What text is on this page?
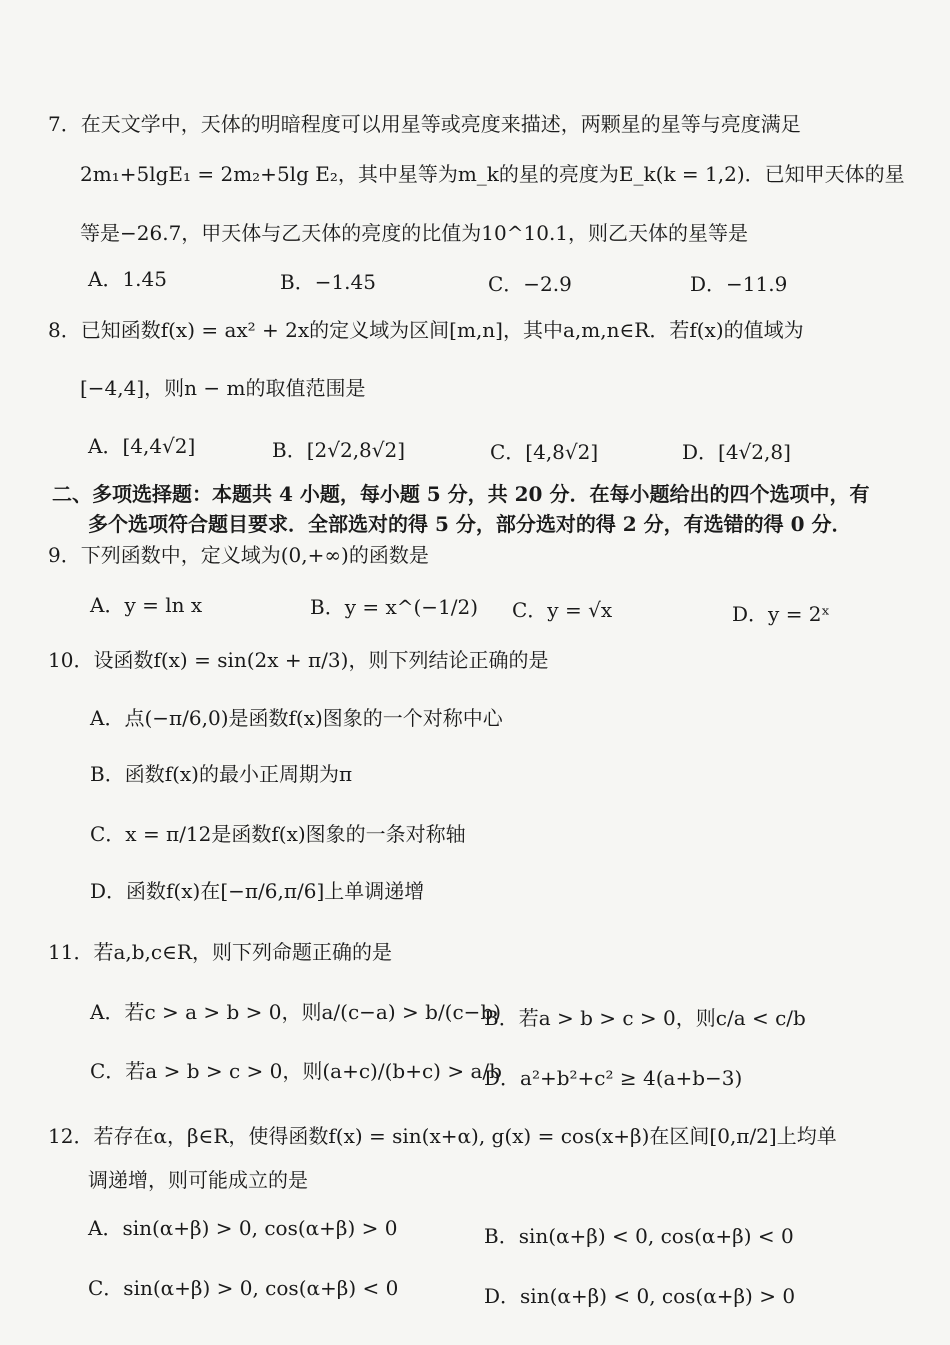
7．在天文学中，天体的明暗程度可以用星等或亮度来描述，两颗星的星等与亮度满足
2m₁+5lgE₁ = 2m₂+5lg E₂，其中星等为m_k的星的亮度为E_k(k = 1,2)．已知甲天体的星
等是−26.7，甲天体与乙天体的亮度的比值为10^10.1，则乙天体的星等是
A．1.45	B．−1.45	C．−2.9	D．−11.9
8．已知函数f(x) = ax² + 2x的定义域为区间[m,n]，其中a,m,n∈R．若f(x)的值域为
[−4,4]，则n − m的取值范围是
A．[4,4√2]	B．[2√2,8√2]	C．[4,8√2]	D．[4√2,8]
二、多项选择题：本题共 4 小题，每小题 5 分，共 20 分．在每小题给出的四个选项中，有
多个选项符合题目要求．全部选对的得 5 分，部分选对的得 2 分，有选错的得 0 分．
9．下列函数中，定义域为(0,+∞)的函数是
A．y = ln x	B．y = x^(−1/2) C．y = √x	D．y = 2ˣ
10．设函数f(x) = sin(2x + π/3)，则下列结论正确的是
A．点(−π/6,0)是函数f(x)图象的一个对称中心
B．函数f(x)的最小正周期为π
C．x = π/12是函数f(x)图象的一条对称轴
D．函数f(x)在[−π/6,π/6]上单调递增
11．若a,b,c∈R，则下列命题正确的是
A．若c > a > b > 0，则a/(c−a) > b/(c−b)
B．若a > b > c > 0，则c/a < c/b
C．若a > b > c > 0，则(a+c)/(b+c) > a/b
D．a²+b²+c² ≥ 4(a+b−3)
12．若存在α，β∈R，使得函数f(x) = sin(x+α), g(x) = cos(x+β)在区间[0,π/2]上均单
调递增，则可能成立的是
A．sin(α+β) > 0, cos(α+β) > 0	B．sin(α+β) < 0, cos(α+β) < 0
C．sin(α+β) > 0, cos(α+β) < 0	D．sin(α+β) < 0, cos(α+β) > 0
